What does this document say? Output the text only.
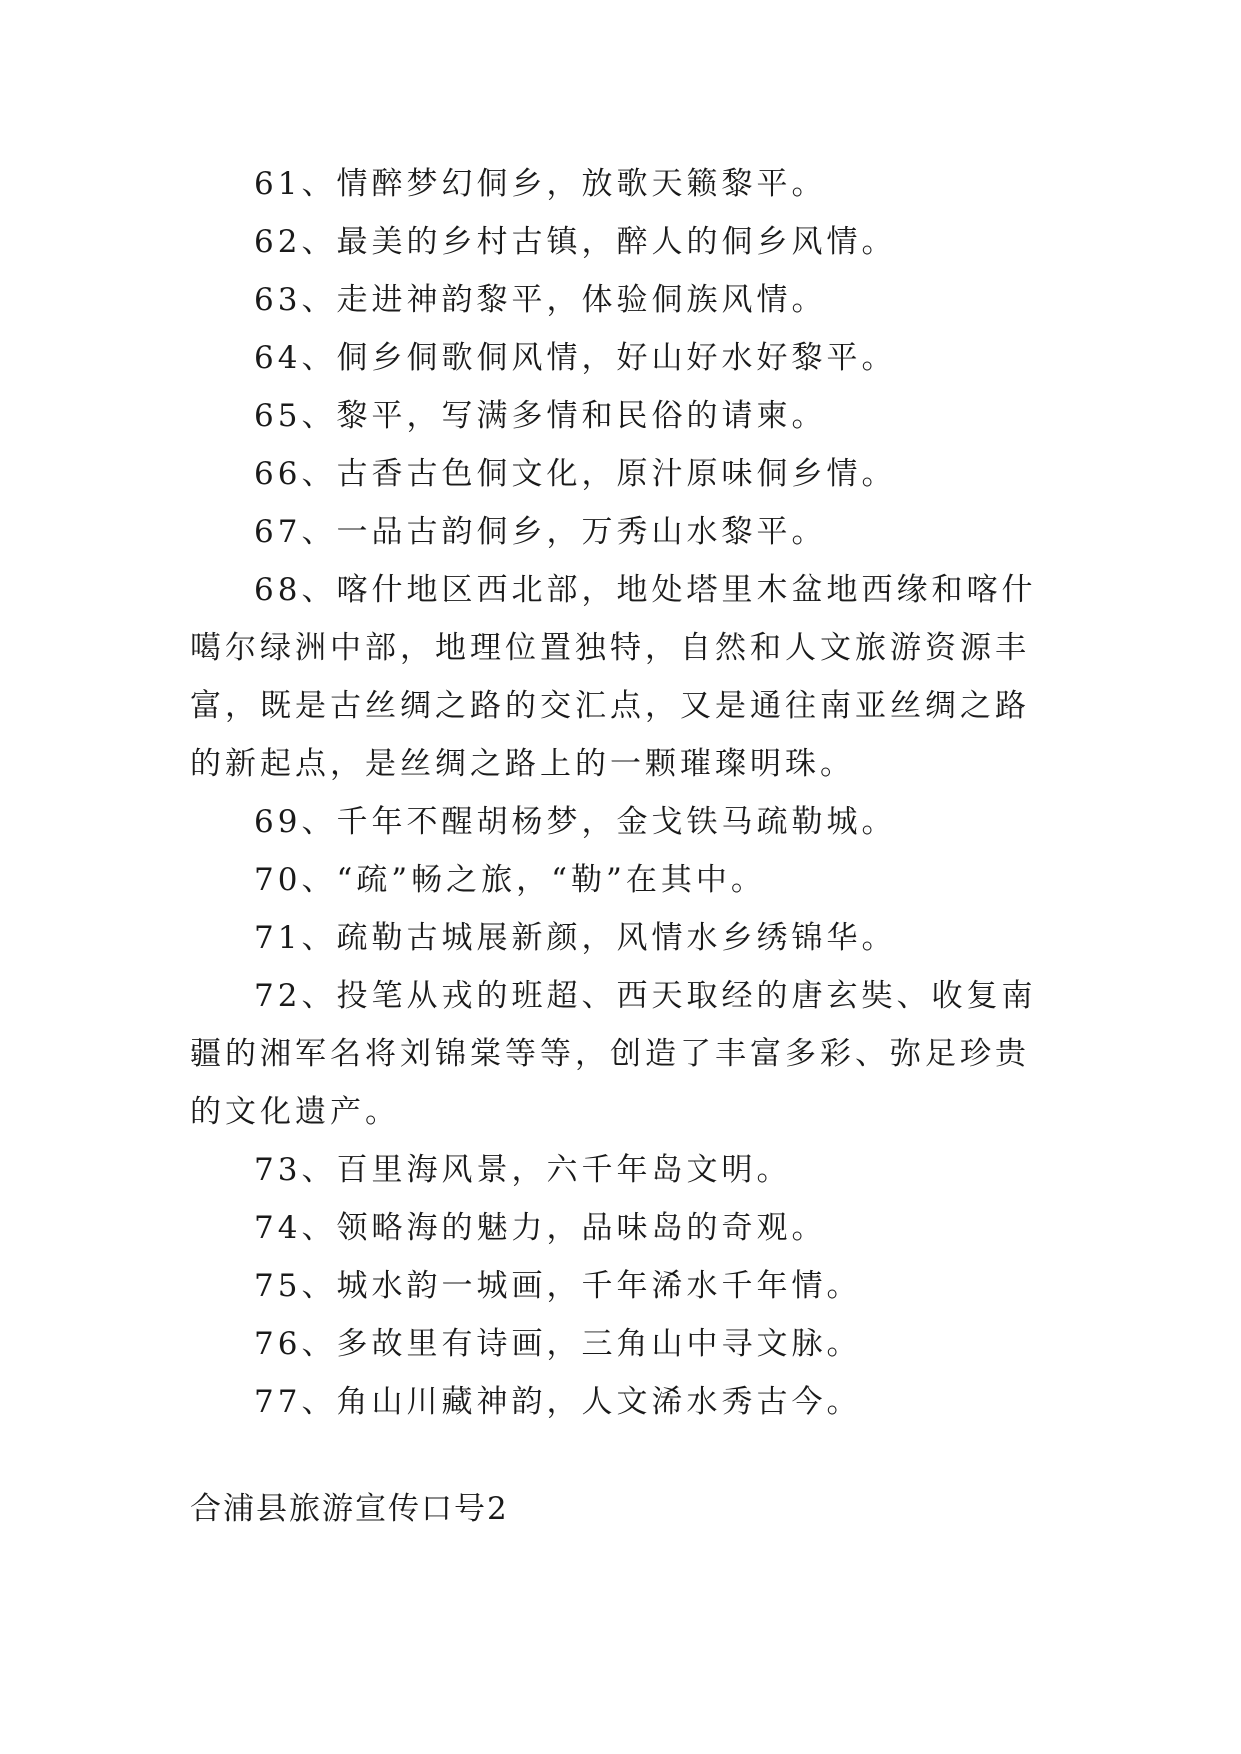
61、情醉梦幻侗乡，放歌天籁黎平。

62、最美的乡村古镇，醉人的侗乡风情。

63、走进神韵黎平，体验侗族风情。

64、侗乡侗歌侗风情，好山好水好黎平。

65、黎平，写满多情和民俗的请柬。

66、古香古色侗文化，原汁原味侗乡情。

67、一品古韵侗乡，万秀山水黎平。

68、喀什地区西北部，地处塔里木盆地西缘和喀什噶尔绿洲中部，地理位置独特，自然和人文旅游资源丰富，既是古丝绸之路的交汇点，又是通往南亚丝绸之路的新起点，是丝绸之路上的一颗璀璨明珠。

69、千年不醒胡杨梦，金戈铁马疏勒城。

70、“疏”畅之旅，“勒”在其中。

71、疏勒古城展新颜，风情水乡绣锦华。

72、投笔从戎的班超、西天取经的唐玄奘、收复南疆的湘军名将刘锦棠等等，创造了丰富多彩、弥足珍贵的文化遗产。

73、百里海风景，六千年岛文明。

74、领略海的魅力，品味岛的奇观。

75、城水韵一城画，千年浠水千年情。

76、多故里有诗画，三角山中寻文脉。

77、角山川藏神韵，人文浠水秀古今。

合浦县旅游宣传口号2
